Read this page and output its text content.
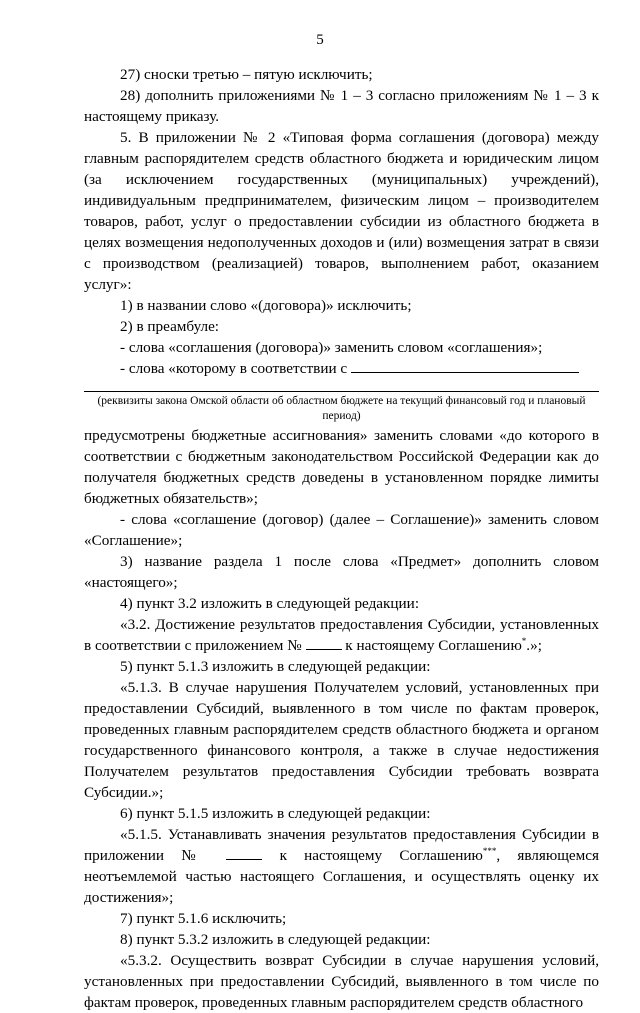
5

27) сноски третью – пятую исключить;

28) дополнить приложениями № 1 – 3 согласно приложениям № 1 – 3 к настоящему приказу.

5. В приложении № 2 «Типовая форма соглашения (договора) между главным распорядителем средств областного бюджета и юридическим лицом (за исключением государственных (муниципальных) учреждений), индивидуальным предпринимателем, физическим лицом – производителем товаров, работ, услуг о предоставлении субсидии из областного бюджета в целях возмещения недополученных доходов и (или) возмещения затрат в связи с производством (реализацией) товаров, выполнением работ, оказанием услуг»:

1) в названии слово «(договора)» исключить;

2) в преамбуле:

- слова «соглашения (договора)» заменить словом «соглашения»;

- слова «которому в соответствии с

(реквизиты закона Омской области об областном бюджете на текущий финансовый год и плановый период)

предусмотрены бюджетные ассигнования» заменить словами «до которого в соответствии с бюджетным законодательством Российской Федерации как до получателя бюджетных средств доведены в установленном порядке лимиты бюджетных обязательств»;

- слова «соглашение (договор) (далее – Соглашение)» заменить словом «Соглашение»;

3) название раздела 1 после слова «Предмет» дополнить словом «настоящего»;

4) пункт 3.2 изложить в следующей редакции:

«3.2. Достижение результатов предоставления Субсидии, установленных в соответствии с приложением №	к настоящему Соглашению*.»;

5) пункт 5.1.3 изложить в следующей редакции:

«5.1.3. В случае нарушения Получателем условий, установленных при предоставлении Субсидий, выявленного в том числе по фактам проверок, проведенных главным распорядителем средств областного бюджета и органом государственного финансового контроля, а также в случае недостижения Получателем результатов предоставления Субсидии требовать возврата Субсидии.»;

6) пункт 5.1.5 изложить в следующей редакции:

«5.1.5. Устанавливать значения результатов предоставления Субсидии в приложении №	к настоящему Соглашению***, являющемся неотъемлемой частью настоящего Соглашения, и осуществлять оценку их достижения»;

7) пункт 5.1.6 исключить;

8) пункт 5.3.2 изложить в следующей редакции:

«5.3.2. Осуществить возврат Субсидии в случае нарушения условий, установленных при предоставлении Субсидий, выявленного в том числе по фактам проверок, проведенных главным распорядителем средств областного
